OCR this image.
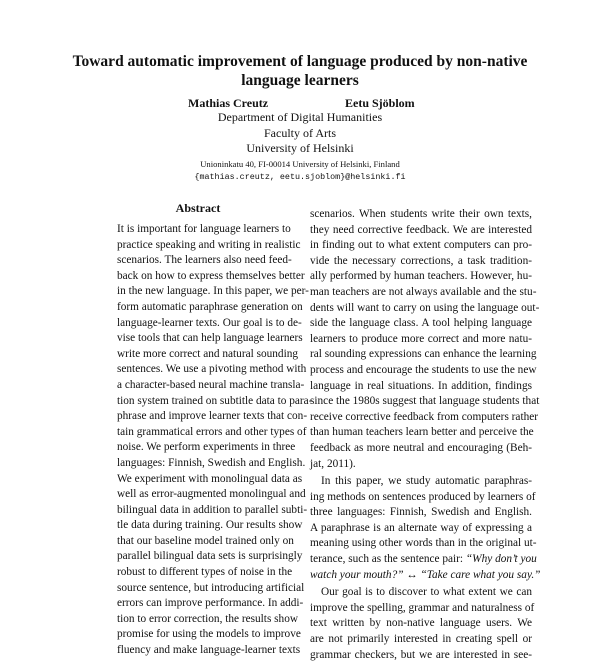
Toward automatic improvement of language produced by non-native
language learners
Mathias Creutz	Eetu Sjöblom
Department of Digital Humanities
Faculty of Arts
University of Helsinki
Unioninkatu 40, FI-00014 University of Helsinki, Finland
{mathias.creutz, eetu.sjoblom}@helsinki.fi
Abstract
It is important for language learners to
practice speaking and writing in realistic
scenarios. The learners also need feed-
back on how to express themselves better
in the new language. In this paper, we per-
form automatic paraphrase generation on
language-learner texts. Our goal is to de-
vise tools that can help language learners
write more correct and natural sounding
sentences. We use a pivoting method with
a character-based neural machine transla-
tion system trained on subtitle data to para-
phrase and improve learner texts that con-
tain grammatical errors and other types of
noise. We perform experiments in three
languages: Finnish, Swedish and English.
We experiment with monolingual data as
well as error-augmented monolingual and
bilingual data in addition to parallel subti-
tle data during training. Our results show
that our baseline model trained only on
parallel bilingual data sets is surprisingly
robust to different types of noise in the
source sentence, but introducing artificial
errors can improve performance. In addi-
tion to error correction, the results show
promise for using the models to improve
fluency and make language-learner texts
scenarios. When students write their own texts,
they need corrective feedback. We are interested
in finding out to what extent computers can pro-
vide the necessary corrections, a task tradition-
ally performed by human teachers. However, hu-
man teachers are not always available and the stu-
dents will want to carry on using the language out-
side the language class. A tool helping language
learners to produce more correct and more natu-
ral sounding expressions can enhance the learning
process and encourage the students to use the new
language in real situations. In addition, findings
since the 1980s suggest that language students that
receive corrective feedback from computers rather
than human teachers learn better and perceive the
feedback as more neutral and encouraging (Beh-
jat, 2011).
In this paper, we study automatic paraphras-
ing methods on sentences produced by learners of
three languages: Finnish, Swedish and English.
A paraphrase is an alternate way of expressing a
meaning using other words than in the original ut-
terance, such as the sentence pair: “Why don’t you
watch your mouth?” ↔ “Take care what you say.”
Our goal is to discover to what extent we can
improve the spelling, grammar and naturalness of
text written by non-native language users. We
are not primarily interested in creating spell or
grammar checkers, but we are interested in see-
